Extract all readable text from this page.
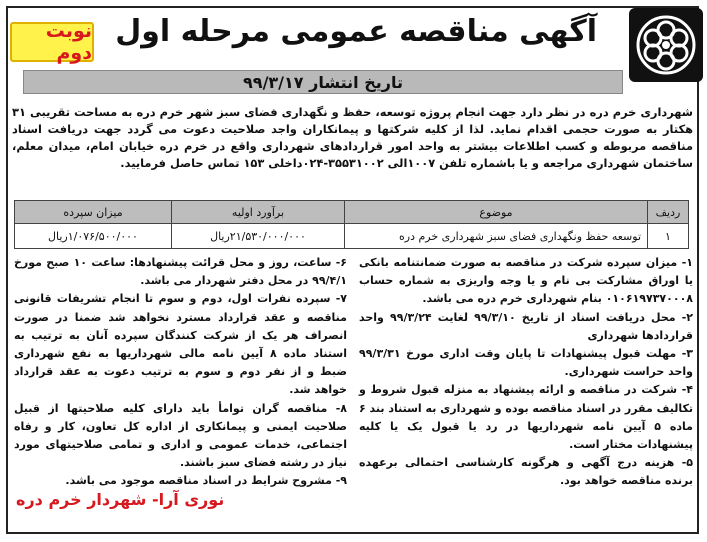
نوبت دوم
آگهی مناقصه عمومی مرحله اول
تاریخ انتشار ۹۹/۳/۱۷
شهرداری خرم دره در نظر دارد جهت انجام پروژه توسعه، حفظ و نگهداری فضای سبز شهر خرم دره به مساحت تقریبی ۳۱ هکتار به صورت حجمی اقدام نماید. لذا از کلیه شرکتها و پیمانکاران واجد صلاحیت دعوت می گردد جهت دریافت اسناد مناقصه مربوطه و کسب اطلاعات بیشتر به واحد امور قراردادهای شهرداری واقع در خرم دره خیابان امام، میدان معلم، ساختمان شهرداری مراجعه و یا باشماره تلفن ۱۰۰۷الی ۳۵۵۳۱۰۰۲-۰۲۴داخلی ۱۵۳ تماس حاصل فرمایید.
ردیف	موضوع	برآورد اولیه	میزان سپرده
۱	توسعه حفظ ونگهداری فضای سبز شهرداری خرم دره	۲۱/۵۳۰/۰۰۰/۰۰۰ریال	۱/۰۷۶/۵۰۰/۰۰۰ریال

۱- میزان سپرده شرکت در مناقصه به صورت ضمانتنامه بانکی یا اوراق مشارکت بی نام و یا وجه واریزی به شماره حساب ۰۱۰۶۱۹۷۳۷۰۰۰۸ بنام شهرداری خرم دره می باشد.

۲- محل دریافت اسناد از تاریخ ۹۹/۳/۱۰ لغایت ۹۹/۳/۲۴ واحد قراردادها شهرداری

۳- مهلت قبول پیشنهادات تا پایان وقت اداری مورخ ۹۹/۳/۳۱ واحد حراست شهرداری.

۴- شرکت در مناقصه و ارائه پیشنهاد به منزله قبول شروط و تکالیف مقرر در اسناد مناقصه بوده و شهرداری به استناد بند ۶ ماده ۵ آیین نامه شهرداریها در رد یا قبول یک یا کلیه پیشنهادات مختار است.

۵- هزینه درج آگهی و هرگونه کارشناسی احتمالی برعهده برنده مناقصه خواهد بود.

۶- ساعت، روز و محل قرائت پیشنهادها: ساعت ۱۰ صبح مورخ ۹۹/۴/۱ در محل دفتر شهردار می باشد.

۷- سپرده نفرات اول، دوم و سوم تا انجام تشریفات قانونی مناقصه و عقد قرارداد مسترد نخواهد شد ضمنا در صورت انصراف هر یک از شرکت کنندگان سپرده آنان به ترتیب به استناد ماده ۸ آیین نامه مالی شهرداریها به نفع شهرداری ضبط و از نفر دوم و سوم به ترتیب دعوت به عقد قرارداد خواهد شد.

۸- مناقصه گران توامأ باید دارای کلیه صلاحیتها از قبیل صلاحیت ایمنی و پیمانکاری از اداره کل تعاون، کار و رفاه اجتماعی، خدمات عمومی و اداری و تمامی صلاحیتهای مورد نیاز در رشته فضای سبز باشند.

۹- مشروح شرایط در اسناد مناقصه موجود می باشد.

نوری آرا- شهردار خرم دره
